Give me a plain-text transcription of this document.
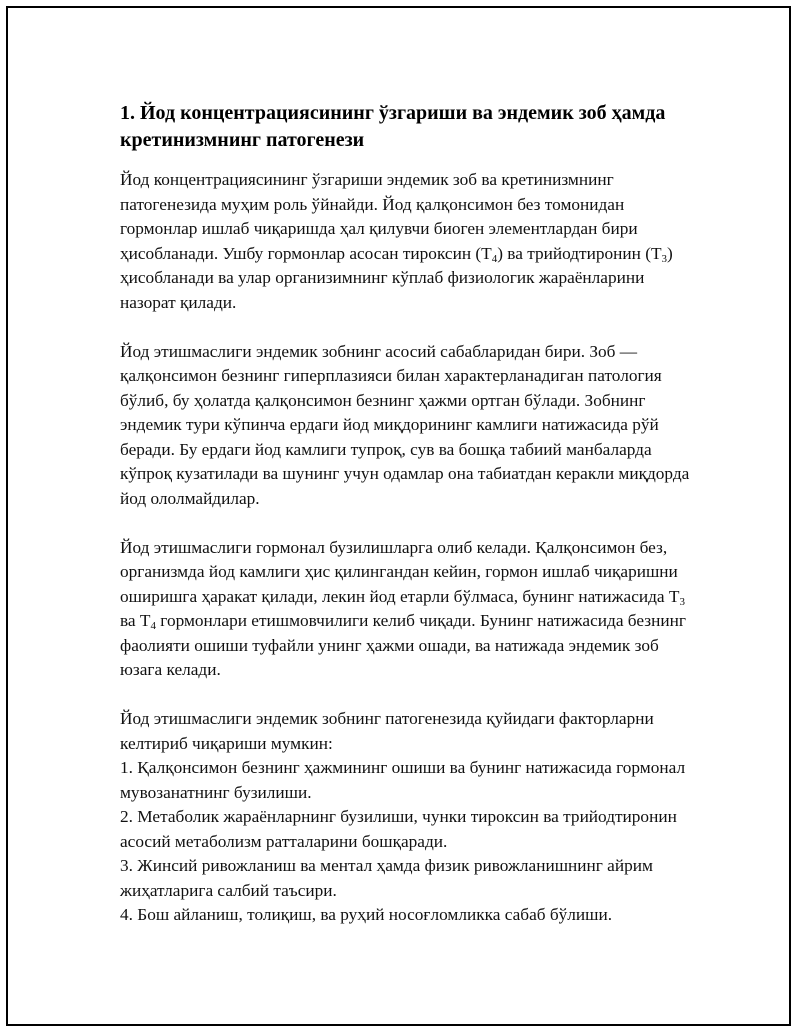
1. Йод концентрациясининг ўзгариши ва эндемик зоб ҳамда кретинизмнинг патогенези

Йод концентрациясининг ўзгариши эндемик зоб ва кретинизмнинг патогенезида муҳим роль ўйнайди. Йод қалқонсимон без томонидан гормонлар ишлаб чиқаришда ҳал қилувчи биоген элементлардан бири ҳисобланади. Ушбу гормонлар асосан тироксин $(Т_4)$ ва трийодтиронин $(Т_3)$ ҳисобланади ва улар организимнинг кўплаб физиологик жараёнларини назорат қилади.

Йод этишмаслиги эндемик зобнинг асосий сабабларидан бири. Зоб — қалқонсимон безнинг гиперплазияси билан характерланадиган патология бўлиб, бу ҳолатда қалқонсимон безнинг ҳажми ортган бўлади. Зобнинг эндемик тури кўпинча ердаги йод миқдорининг камлиги натижасида рўй беради. Бу ердаги йод камлиги тупроқ, сув ва бошқа табиий манбаларда кўпроқ кузатилади ва шунинг учун одамлар она табиатдан керакли миқдорда йод ололмайдилар.

Йод этишмаслиги гормонал бузилишларга олиб келади. Қалқонсимон без, организмда йод камлиги ҳис қилингандан кейин, гормон ишлаб чиқаришни оширишга ҳаракат қилади, лекин йод етарли бўлмаса, бунинг натижасида $Т_3$ ва $Т_4$ гормонлари етишмовчилиги келиб чиқади. Бунинг натижасида безнинг фаолияти ошиши туфайли унинг ҳажми ошади, ва натижада эндемик зоб юзага келади.

Йод этишмаслиги эндемик зобнинг патогенезида қуйидаги факторларни келтириб чиқариши мумкин:
1. Қалқонсимон безнинг ҳажмининг ошиши ва бунинг натижасида гормонал мувозанатнинг бузилиши.
2. Метаболик жараёнларнинг бузилиши, чунки тироксин ва трийодтиронин асосий метаболизм ратталарини бошқаради.
3. Жинсий ривожланиш ва ментал ҳамда физик ривожланишнинг айрим жиҳатларига салбий таъсири.
4. Бош айланиш, толиқиш, ва руҳий носоғломликка сабаб бўлиши.
